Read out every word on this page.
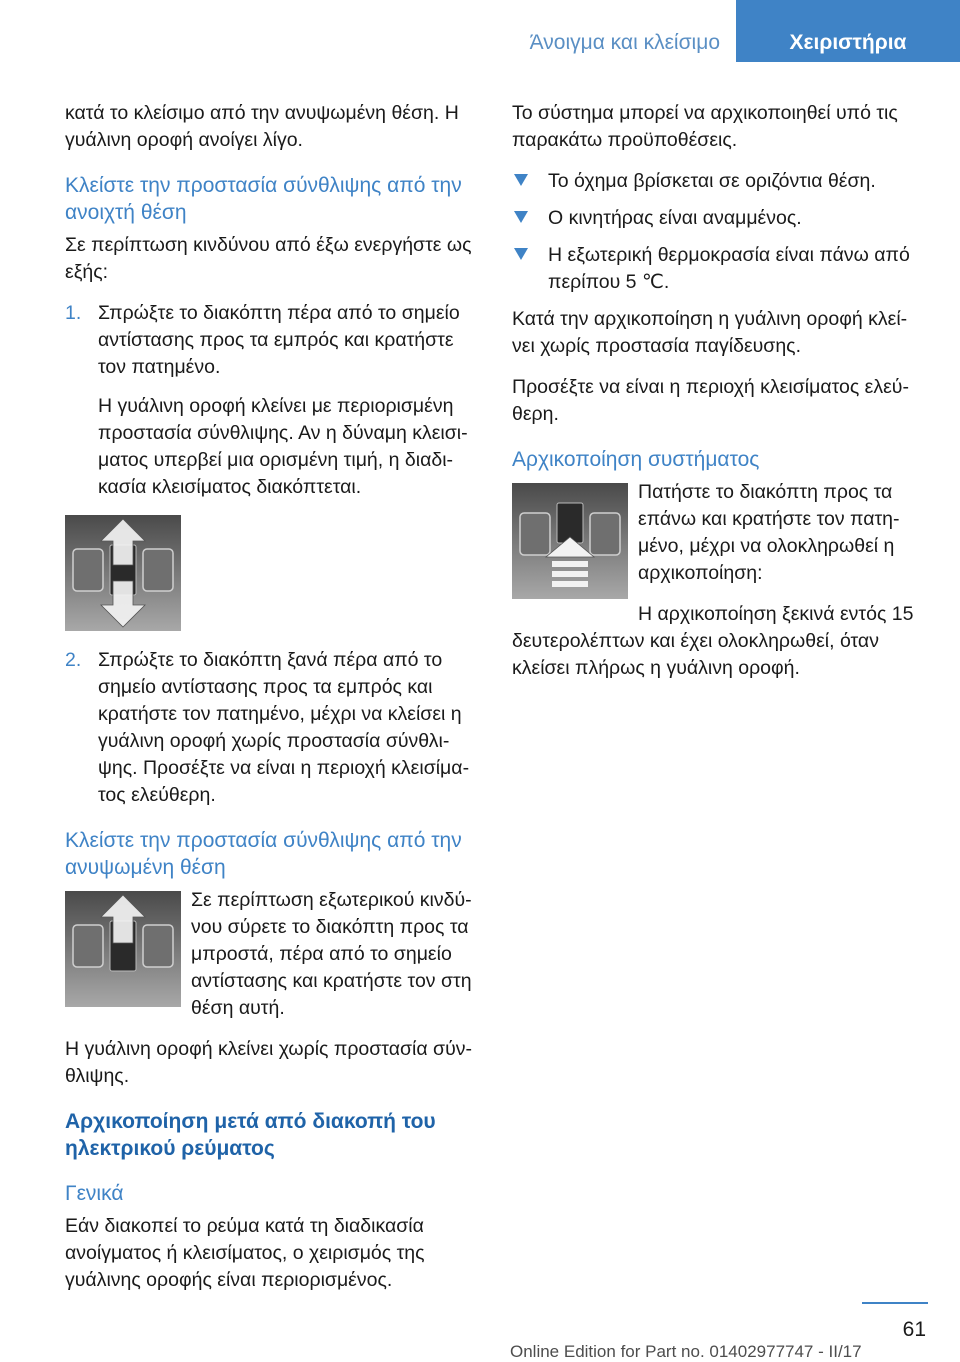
Άνοιγμα και κλείσιμο	Χειριστήρια

κατά το κλείσιμο από την ανυψωμένη θέση. Η γυάλινη οροφή ανοίγει λίγο.

Κλείστε την προστασία σύνθλιψης από την ανοιχτή θέση

Σε περίπτωση κινδύνου από έξω ενεργήστε ως εξής:

1. Σπρώξτε το διακόπτη πέρα από το σημείο αντίστασης προς τα εμπρός και κρατήστε τον πατημένο.

Η γυάλινη οροφή κλείνει με περιορισμένη προστασία σύνθλιψης. Αν η δύναμη κλεισι‐ ματος υπερβεί μια ορισμένη τιμή, η διαδι‐ κασία κλεισίματος διακόπτεται.

2. Σπρώξτε το διακόπτη ξανά πέρα από το σημείο αντίστασης προς τα εμπρός και κρατήστε τον πατημένο, μέχρι να κλείσει η γυάλινη οροφή χωρίς προστασία σύνθλι‐ ψης. Προσέξτε να είναι η περιοχή κλεισίμα‐ τος ελεύθερη.

Κλείστε την προστασία σύνθλιψης από την ανυψωμένη θέση

Σε περίπτωση εξωτερικού κινδύ‐ νου σύρετε το διακόπτη προς τα μπροστά, πέρα από το σημείο αντίστασης και κρατήστε τον στη θέση αυτή.

Η γυάλινη οροφή κλείνει χωρίς προστασία σύν‐ θλιψης.

Αρχικοποίηση μετά από διακοπή του ηλεκτρικού ρεύματος
Γενικά

Εάν διακοπεί το ρεύμα κατά τη διαδικασία ανοίγματος ή κλεισίματος, ο χειρισμός της γυάλινης οροφής είναι περιορισμένος.

Το σύστημα μπορεί να αρχικοποιηθεί υπό τις παρακάτω προϋποθέσεις.

Το όχημα βρίσκεται σε οριζόντια θέση.
Ο κινητήρας είναι αναμμένος.
Η εξωτερική θερμοκρασία είναι πάνω από περίπου 5 ℃.

Κατά την αρχικοποίηση η γυάλινη οροφή κλεί‐ νει χωρίς προστασία παγίδευσης.

Προσέξτε να είναι η περιοχή κλεισίματος ελεύ‐ θερη.

Αρχικοποίηση συστήματος

Πατήστε το διακόπτη προς τα επάνω και κρατήστε τον πατη‐ μένο, μέχρι να ολοκληρωθεί η αρχικοποίηση:

Η αρχικοποίηση ξεκινά εντός 15 δευτερολέπτων και έχει ολοκληρωθεί, όταν κλείσει πλήρως η γυάλινη οροφή.

61
Online Edition for Part no. 01402977747 - II/17
